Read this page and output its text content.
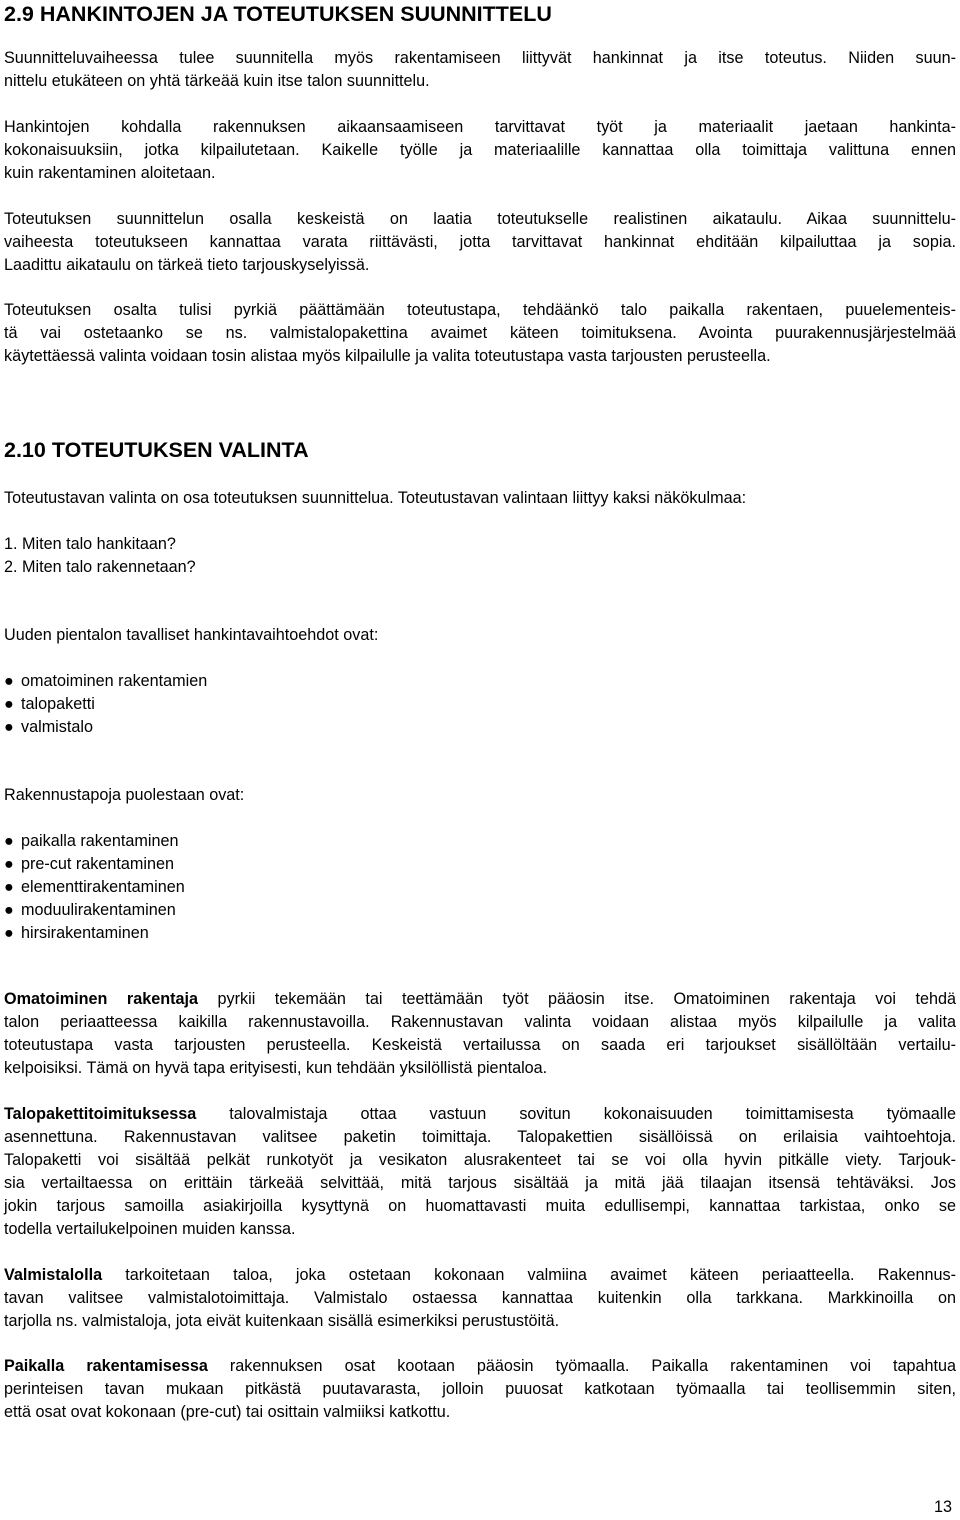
2.9 HANKINTOJEN JA TOTEUTUKSEN SUUNNITTELU
Suunnitteluvaiheessa tulee suunnitella myös rakentamiseen liittyvät hankinnat ja itse toteutus. Niiden suun-
nittelu etukäteen on yhtä tärkeää kuin itse talon suunnittelu.
Hankintojen kohdalla rakennuksen aikaansaamiseen tarvittavat työt ja materiaalit jaetaan hankinta-
kokonaisuuksiin, jotka kilpailutetaan. Kaikelle työlle ja materiaalille kannattaa olla toimittaja valittuna ennen
kuin rakentaminen aloitetaan.
Toteutuksen suunnittelun osalla keskeistä on laatia toteutukselle realistinen aikataulu. Aikaa suunnittelu-
vaiheesta toteutukseen kannattaa varata riittävästi, jotta tarvittavat hankinnat ehditään kilpailuttaa ja sopia.
Laadittu aikataulu on tärkeä tieto tarjouskyselyissä.
Toteutuksen osalta tulisi pyrkiä päättämään toteutustapa, tehdäänkö talo paikalla rakentaen, puuelementeis-
tä vai ostetaanko se ns. valmistalopakettina avaimet käteen toimituksena. Avointa puurakennusjärjestelmää
käytettäessä valinta voidaan tosin alistaa myös kilpailulle ja valita toteutustapa vasta tarjousten perusteella.
2.10 TOTEUTUKSEN VALINTA
Toteutustavan valinta on osa toteutuksen suunnittelua. Toteutustavan valintaan liittyy kaksi näkökulmaa:
1. Miten talo hankitaan?
2. Miten talo rakennetaan?
Uuden pientalon tavalliset hankintavaihtoehdot ovat:
● omatoiminen rakentamien
● talopaketti
● valmistalo
Rakennustapoja puolestaan ovat:
● paikalla rakentaminen
● pre-cut rakentaminen
● elementtirakentaminen
● moduulirakentaminen
● hirsirakentaminen
Omatoiminen rakentaja pyrkii tekemään tai teettämään työt pääosin itse. Omatoiminen rakentaja voi tehdä
talon periaatteessa kaikilla rakennustavoilla. Rakennustavan valinta voidaan alistaa myös kilpailulle ja valita
toteutustapa vasta tarjousten perusteella. Keskeistä vertailussa on saada eri tarjoukset sisällöltään vertailu-
kelpoisiksi. Tämä on hyvä tapa erityisesti, kun tehdään yksilöllistä pientaloa.
Talopakettitoimituksessa talovalmistaja ottaa vastuun sovitun kokonaisuuden toimittamisesta työmaalle
asennettuna. Rakennustavan valitsee paketin toimittaja. Talopakettien sisällöissä on erilaisia vaihtoehtoja.
Talopaketti voi sisältää pelkät runkotyöt ja vesikaton alusrakenteet tai se voi olla hyvin pitkälle viety. Tarjouk-
sia vertailtaessa on erittäin tärkeää selvittää, mitä tarjous sisältää ja mitä jää tilaajan itsensä tehtäväksi. Jos
jokin tarjous samoilla asiakirjoilla kysyttynä on huomattavasti muita edullisempi, kannattaa tarkistaa, onko se
todella vertailukelpoinen muiden kanssa.
Valmistalolla tarkoitetaan taloa, joka ostetaan kokonaan valmiina avaimet käteen periaatteella. Rakennus-
tavan valitsee valmistalotoimittaja. Valmistalo ostaessa kannattaa kuitenkin olla tarkkana. Markkinoilla on
tarjolla ns. valmistaloja, jota eivät kuitenkaan sisällä esimerkiksi perustustöitä.
Paikalla rakentamisessa rakennuksen osat kootaan pääosin työmaalla. Paikalla rakentaminen voi tapahtua
perinteisen tavan mukaan pitkästä puutavarasta, jolloin puuosat katkotaan työmaalla tai teollisemmin siten,
että osat ovat kokonaan (pre-cut) tai osittain valmiiksi katkottu.
13
